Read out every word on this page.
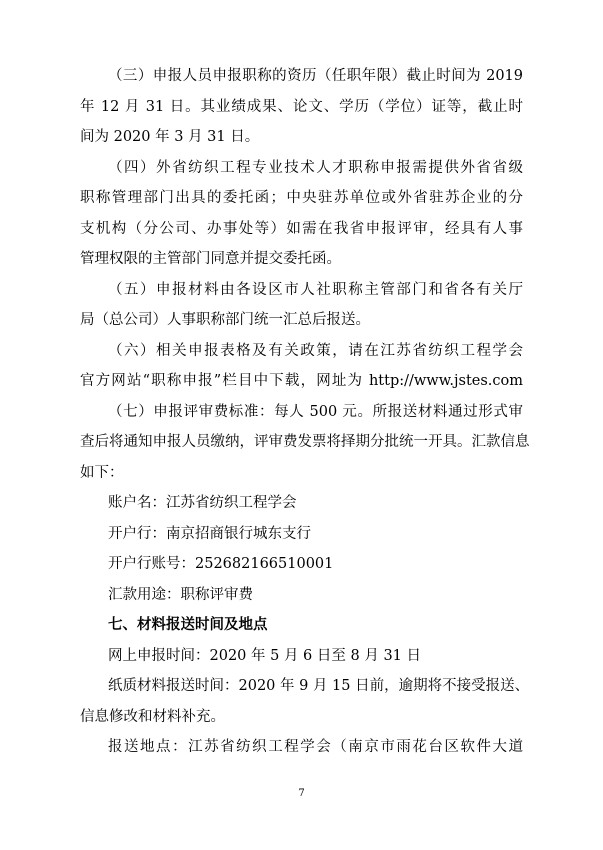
（三）申报人员申报职称的资历（任职年限）截止时间为 2019
年 12 月 31 日。其业绩成果、论文、学历（学位）证等，截止时
间为 2020 年 3 月 31 日。
（四）外省纺织工程专业技术人才职称申报需提供外省省级
职称管理部门出具的委托函；中央驻苏单位或外省驻苏企业的分
支机构（分公司、办事处等）如需在我省申报评审，经具有人事
管理权限的主管部门同意并提交委托函。
（五）申报材料由各设区市人社职称主管部门和省各有关厅
局（总公司）人事职称部门统一汇总后报送。
（六）相关申报表格及有关政策，请在江苏省纺织工程学会
官方网站“职称申报”栏目中下载，网址为 http://www.jstes.com
（七）申报评审费标准：每人 500 元。所报送材料通过形式审
查后将通知申报人员缴纳，评审费发票将择期分批统一开具。汇款信息
如下：
账户名：江苏省纺织工程学会
开户行：南京招商银行城东支行
开户行账号：252682166510001
汇款用途：职称评审费
七、材料报送时间及地点
网上申报时间：2020 年 5 月 6 日至 8 月 31 日
纸质材料报送时间：2020 年 9 月 15 日前，逾期将不接受报送、
信息修改和材料补充。
报送地点：江苏省纺织工程学会（南京市雨花台区软件大道
7
